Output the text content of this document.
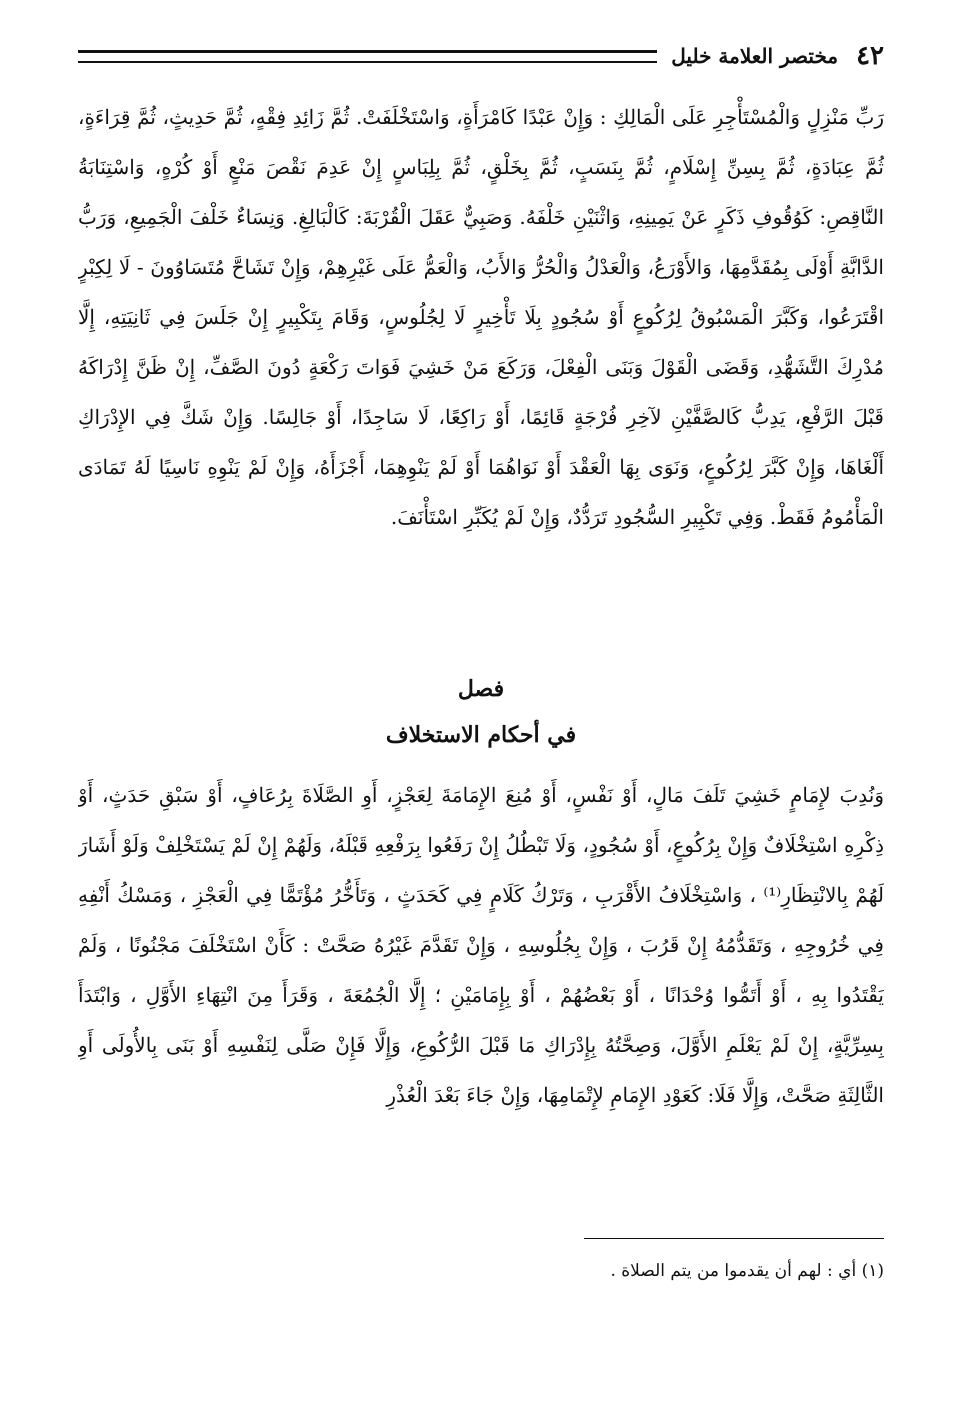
٤٢
مختصر العلامة خليل

رَبِّ مَنْزِلٍ وَالْمُسْتَأْجِرِ عَلَى الْمَالِكِ : وَإِنْ عَبْدًا كَامْرَأَةٍ، وَاسْتَخْلَفَتْ. ثُمَّ زَائِدِ فِقْهٍ، ثُمَّ حَدِيثٍ، ثُمَّ قِرَاءَةٍ، ثُمَّ عِبَادَةٍ، ثُمَّ بِسِنِّ إِسْلَامٍ، ثُمَّ بِنَسَبٍ، ثُمَّ بِخَلْقٍ، ثُمَّ بِلِبَاسٍ إِنْ عَدِمَ نَقْصَ مَنْعٍ أَوْ كُرْهٍ، وَاسْتِنَابَةُ النَّاقِصِ: كَوُقُوفِ ذَكَرٍ عَنْ يَمِينِهِ، وَاثْنَيْنِ خَلْفَهُ. وَصَبِيٌّ عَقَلَ الْقُرْبَةَ: كَالْبَالِغِ. وَنِسَاءٌ خَلْفَ الْجَمِيعِ، وَرَبُّ الدَّابَّةِ أَوْلَى بِمُقَدَّمِهَا، وَالأَوْرَعُ، وَالْعَدْلُ وَالْحُرُّ وَالأَبُ، وَالْعَمُّ عَلَى غَيْرِهِمْ، وَإِنْ تَشَاحَّ مُتَسَاوُونَ - لَا لِكِبْرٍ اقْتَرَعُوا، وَكَبَّرَ الْمَسْبُوقُ لِرُكُوعٍ أَوْ سُجُودٍ بِلَا تَأْخِيرٍ لَا لِجُلُوسٍ، وَقَامَ بِتَكْبِيرٍ إِنْ جَلَسَ فِي ثَانِيَتِهِ، إِلَّا مُدْرِكَ التَّشَهُّدِ، وَقَضَى الْقَوْلَ وَبَنَى الْفِعْلَ، وَرَكَعَ مَنْ خَشِيَ فَوَاتَ رَكْعَةٍ دُونَ الصَّفِّ، إِنْ ظَنَّ إِدْرَاكَهُ قَبْلَ الرَّفْعِ، يَدِبُّ كَالصَّفَّيْنِ لآخِرِ فُرْجَةٍ قَائِمًا، أَوْ رَاكِعًا، لَا سَاجِدًا، أَوْ جَالِسًا. وَإِنْ شَكَّ فِي الإِدْرَاكِ أَلْغَاهَا، وَإِنْ كَبَّرَ لِرُكُوعٍ، وَنَوَى بِهَا الْعَقْدَ أَوْ نَوَاهُمَا أَوْ لَمْ يَنْوِهِمَا، أَجْزَأَهُ، وَإِنْ لَمْ يَنْوِهِ نَاسِيًا لَهُ تَمَادَى الْمَأْمُومُ فَقَطْ. وَفِي تَكْبِيرِ السُّجُودِ تَرَدُّدٌ، وَإِنْ لَمْ يُكَبِّرِ اسْتَأْنَفَ.

فصل
في أحكام الاستخلاف

وَنُدِبَ لإِمَامٍ خَشِيَ تَلَفَ مَالٍ، أَوْ نَفْسٍ، أَوْ مُنِعَ الإِمَامَةَ لِعَجْزٍ، أَوِ الصَّلَاةَ بِرُعَافٍ، أَوْ سَبْقِ حَدَثٍ، أَوْ ذِكْرِهِ اسْتِخْلَافٌ وَإِنْ بِرُكُوعٍ، أَوْ سُجُودٍ، وَلَا تَبْطُلُ إِنْ رَفَعُوا بِرَفْعِهِ قَبْلَهُ، وَلَهُمْ إِنْ لَمْ يَسْتَخْلِفْ وَلَوْ أَشَارَ لَهُمْ بِالانْتِظَارِ⁽¹⁾ ، وَاسْتِخْلَافُ الأَقْرَبِ ، وَتَرْكُ كَلَامٍ فِي كَحَدَثٍ ، وَتَأَخُّرُ مُؤْتَمًّا فِي الْعَجْزِ ، وَمَسْكُ أَنْفِهِ فِي خُرُوجِهِ ، وَتَقَدُّمُهُ إِنْ قَرُبَ ، وَإِنْ بِجُلُوسِهِ ، وَإِنْ تَقَدَّمَ غَيْرُهُ صَحَّتْ : كَأَنْ اسْتَخْلَفَ مَجْنُونًا ، وَلَمْ يَقْتَدُوا بِهِ ، أَوْ أَتَمُّوا وُحْدَانًا ، أَوْ بَعْضُهُمْ ، أَوْ بِإِمَامَيْنِ ؛ إِلَّا الْجُمُعَةَ ، وَقَرَأَ مِنَ انْتِهَاءِ الأَوَّلِ ، وَابْتَدَأَ بِسِرِّيَّةٍ، إِنْ لَمْ يَعْلَمِ الأَوَّلَ، وَصِحَّتُهُ بِإِدْرَاكِ مَا قَبْلَ الرُّكُوعِ، وَإِلَّا فَإِنْ صَلَّى لِنَفْسِهِ أَوْ بَنَى بِالأُولَى أَوِ الثَّالِثَةِ صَحَّتْ، وَإِلَّا فَلَا: كَعَوْدِ الإِمَامِ لإِتْمَامِهَا، وَإِنْ جَاءَ بَعْدَ الْعُذْرِ

(١) أي : لهم أن يقدموا من يتم الصلاة .
